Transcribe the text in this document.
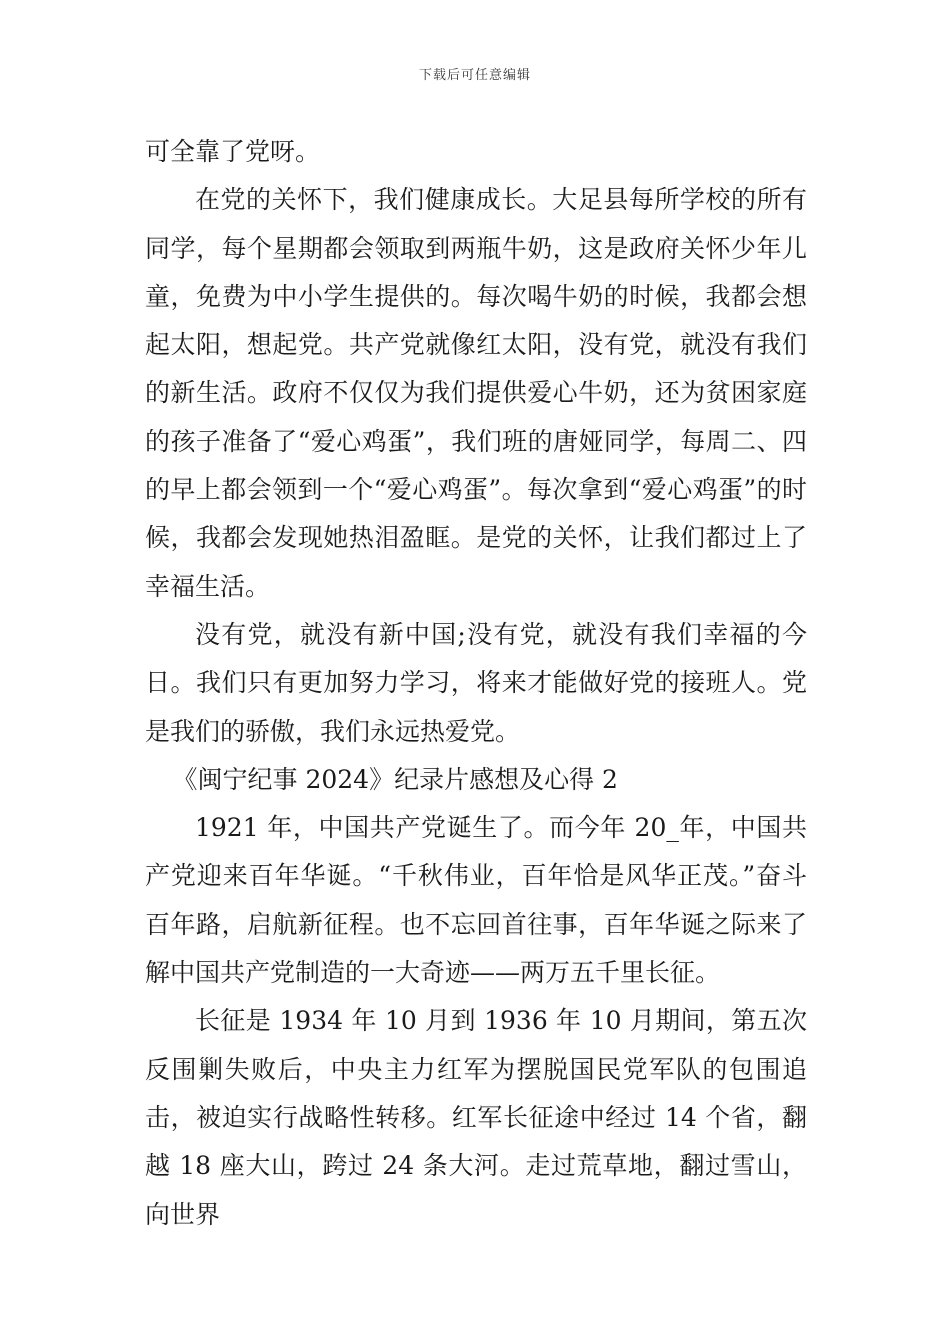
下载后可任意编辑

可全靠了党呀。

在党的关怀下，我们健康成长。大足县每所学校的所有同学，每个星期都会领取到两瓶牛奶，这是政府关怀少年儿童，免费为中小学生提供的。每次喝牛奶的时候，我都会想起太阳，想起党。共产党就像红太阳，没有党，就没有我们的新生活。政府不仅仅为我们提供爱心牛奶，还为贫困家庭的孩子准备了“爱心鸡蛋”，我们班的唐娅同学，每周二、四的早上都会领到一个“爱心鸡蛋”。每次拿到“爱心鸡蛋”的时候，我都会发现她热泪盈眶。是党的关怀，让我们都过上了幸福生活。

没有党，就没有新中国;没有党，就没有我们幸福的今日。我们只有更加努力学习，将来才能做好党的接班人。党是我们的骄傲，我们永远热爱党。

《闽宁纪事 2024》纪录片感想及心得 2

1921 年，中国共产党诞生了。而今年 20_年，中国共产党迎来百年华诞。“千秋伟业，百年恰是风华正茂。”奋斗百年路，启航新征程。也不忘回首往事，百年华诞之际来了解中国共产党制造的一大奇迹——两万五千里长征。

长征是 1934 年 10 月到 1936 年 10 月期间，第五次反围剿失败后，中央主力红军为摆脱国民党军队的包围追击，被迫实行战略性转移。红军长征途中经过 14 个省，翻越 18 座大山，跨过 24 条大河。走过荒草地，翻过雪山，向世界
